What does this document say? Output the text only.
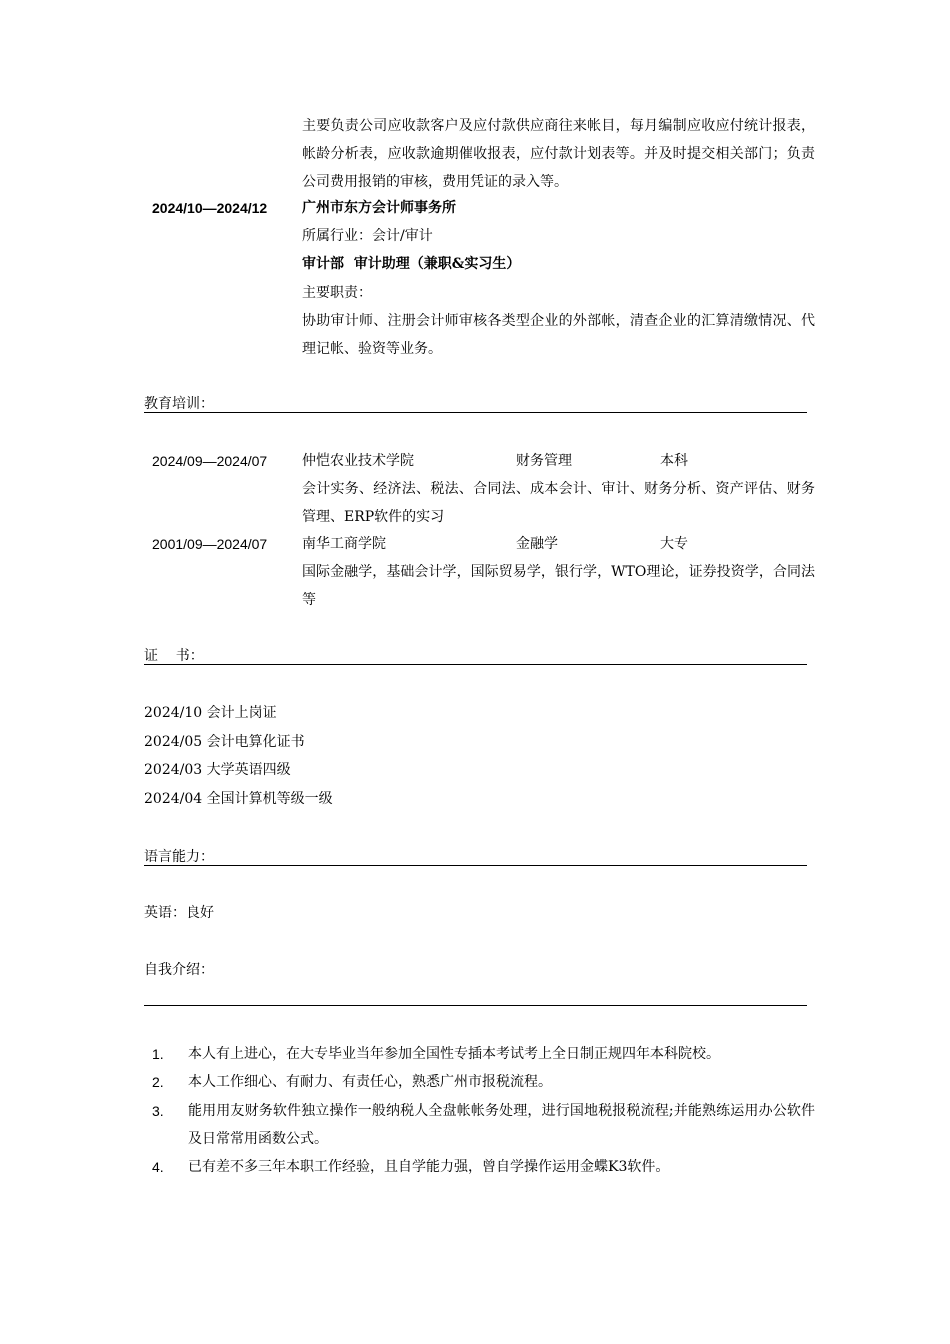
主要负责公司应收款客户及应付款供应商往来帐目，每月编制应收应付统计报表，帐龄分析表，应收款逾期催收报表，应付款计划表等。并及时提交相关部门；负责公司费用报销的审核，费用凭证的录入等。
2024/10—2024/12 广州市东方会计师事务所
所属行业：会计/审计
审计部  审计助理（兼职&实习生）
主要职责：
协助审计师、注册会计师审核各类型企业的外部帐，清查企业的汇算清缴情况、代理记帐、验资等业务。
教育培训：
2024/09—2024/07 仲恺农业技术学院	财务管理	本科
会计实务、经济法、税法、合同法、成本会计、审计、财务分析、资产评估、财务管理、ERP软件的实习
2001/09—2024/07 南华工商学院	金融学	大专
国际金融学，基础会计学，国际贸易学，银行学，WTO理论，证券投资学，合同法等
证    书：
2024/10 会计上岗证
2024/05 会计电算化证书
2024/03 大学英语四级
2024/04 全国计算机等级一级
语言能力：
英语：良好
自我介绍：
1. 本人有上进心，在大专毕业当年参加全国性专插本考试考上全日制正规四年本科院校。
2. 本人工作细心、有耐力、有责任心，熟悉广州市报税流程。
3. 能用用友财务软件独立操作一般纳税人全盘帐帐务处理，进行国地税报税流程;并能熟练运用办公软件及日常常用函数公式。
4. 已有差不多三年本职工作经验，且自学能力强，曾自学操作运用金蝶K3软件。
